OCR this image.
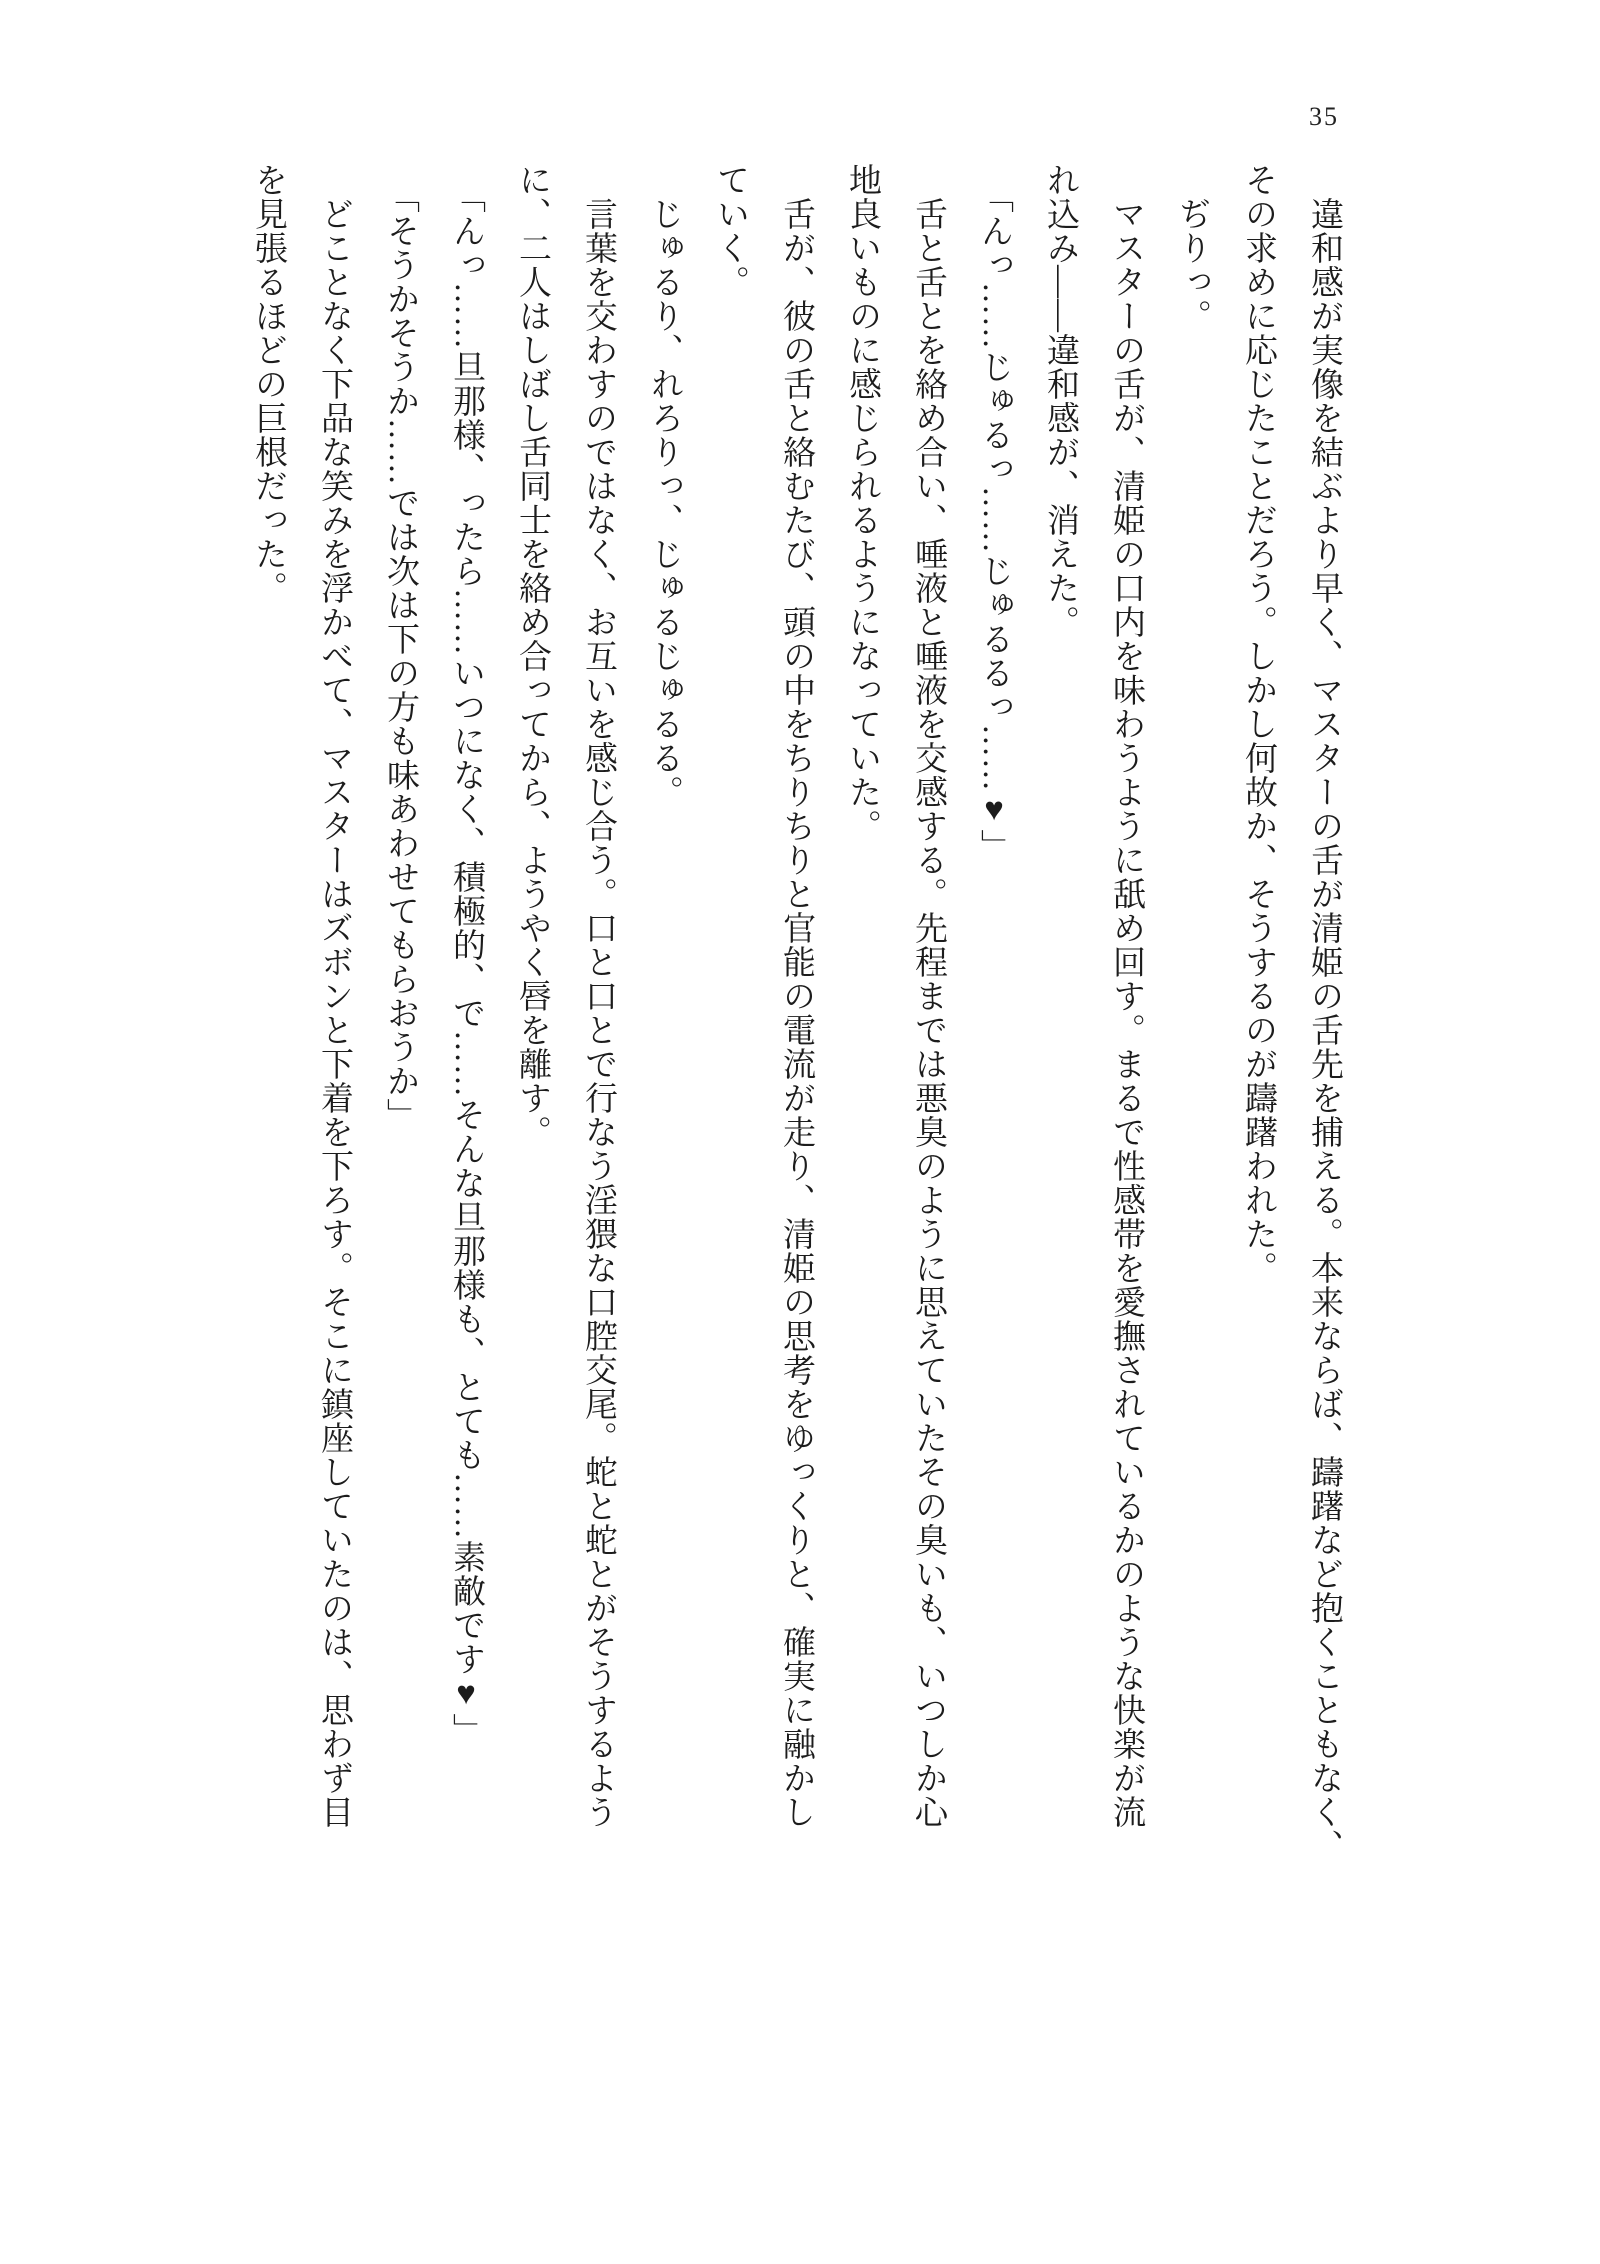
35
違和感が実像を結ぶより早く、マスターの舌が清姫の舌先を捕える。本来ならば、躊躇など抱くこともなく、
その求めに応じたことだろう。しかし何故か、そうするのが躊躇われた。
ぢりっ。
マスターの舌が、清姫の口内を味わうように舐め回す。まるで性感帯を愛撫されているかのような快楽が流
れ込み――違和感が、消えた。
「んっ……じゅるっ……じゅるるっ……♥」
舌と舌とを絡め合い、唾液と唾液を交感する。先程までは悪臭のように思えていたその臭いも、いつしか心
地良いものに感じられるようになっていた。
舌が、彼の舌と絡むたび、頭の中をちりちりと官能の電流が走り、清姫の思考をゆっくりと、確実に融かし
ていく。
じゅるり、れろりっ、じゅるじゅるる。
言葉を交わすのではなく、お互いを感じ合う。口と口とで行なう淫猥な口腔交尾。蛇と蛇とがそうするよう
に、二人はしばし舌同士を絡め合ってから、ようやく唇を離す。
「んっ……旦那様、ったら……いつになく、積極的、で……そんな旦那様も、とても……素敵です♥」
「そうかそうか……では次は下の方も味あわせてもらおうか」
どことなく下品な笑みを浮かべて、マスターはズボンと下着を下ろす。そこに鎮座していたのは、思わず目
を見張るほどの巨根だった。
